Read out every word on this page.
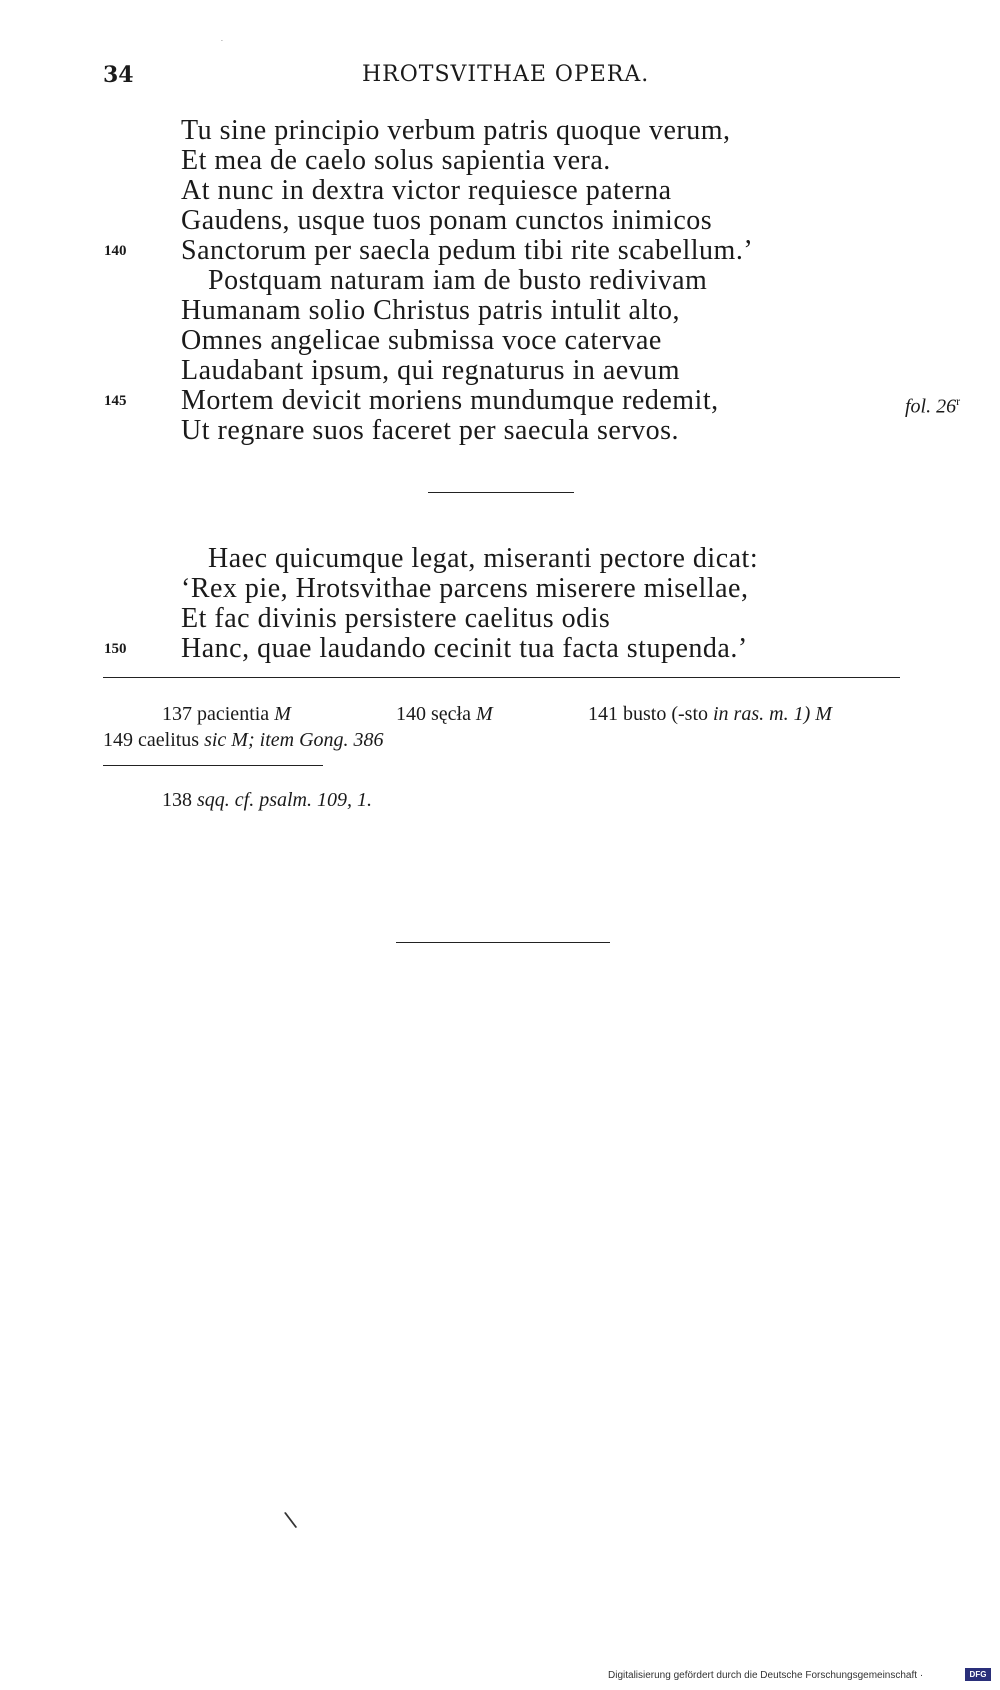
34	HROTSVITHAE OPERA.
Tu sine principio verbum patris quoque verum,
Et mea de caelo solus sapientia vera.
At nunc in dextra victor requiesce paterna
Gaudens, usque tuos ponam cunctos inimicos
140 Sanctorum per saecla pedum tibi rite scabellum.’
Postquam naturam iam de busto redivivam
Humanam solio Christus patris intulit alto,
Omnes angelicae submissa voce catervae
Laudabant ipsum, qui regnaturus in aevum
145 Mortem devicit moriens mundumque redemit,	fol. 26$^r$
Ut regnare suos faceret per saecula servos.
Haec quicumque legat, miseranti pectore dicat:
‘Rex pie, Hrotsvithae parcens miserere misellae,
Et fac divinis persistere caelitus odis
150 Hanc, quae laudando cecinit tua facta stupenda.’
137 pacientia M	140 sęcła M	141 busto (-sto in ras. m. 1) M
149 caelitus sic M; item Gong. 386
138 sqq. cf. psalm. 109, 1.
\
·
Digitalisierung gefördert durch die Deutsche Forschungsgemeinschaft ·	DFG
